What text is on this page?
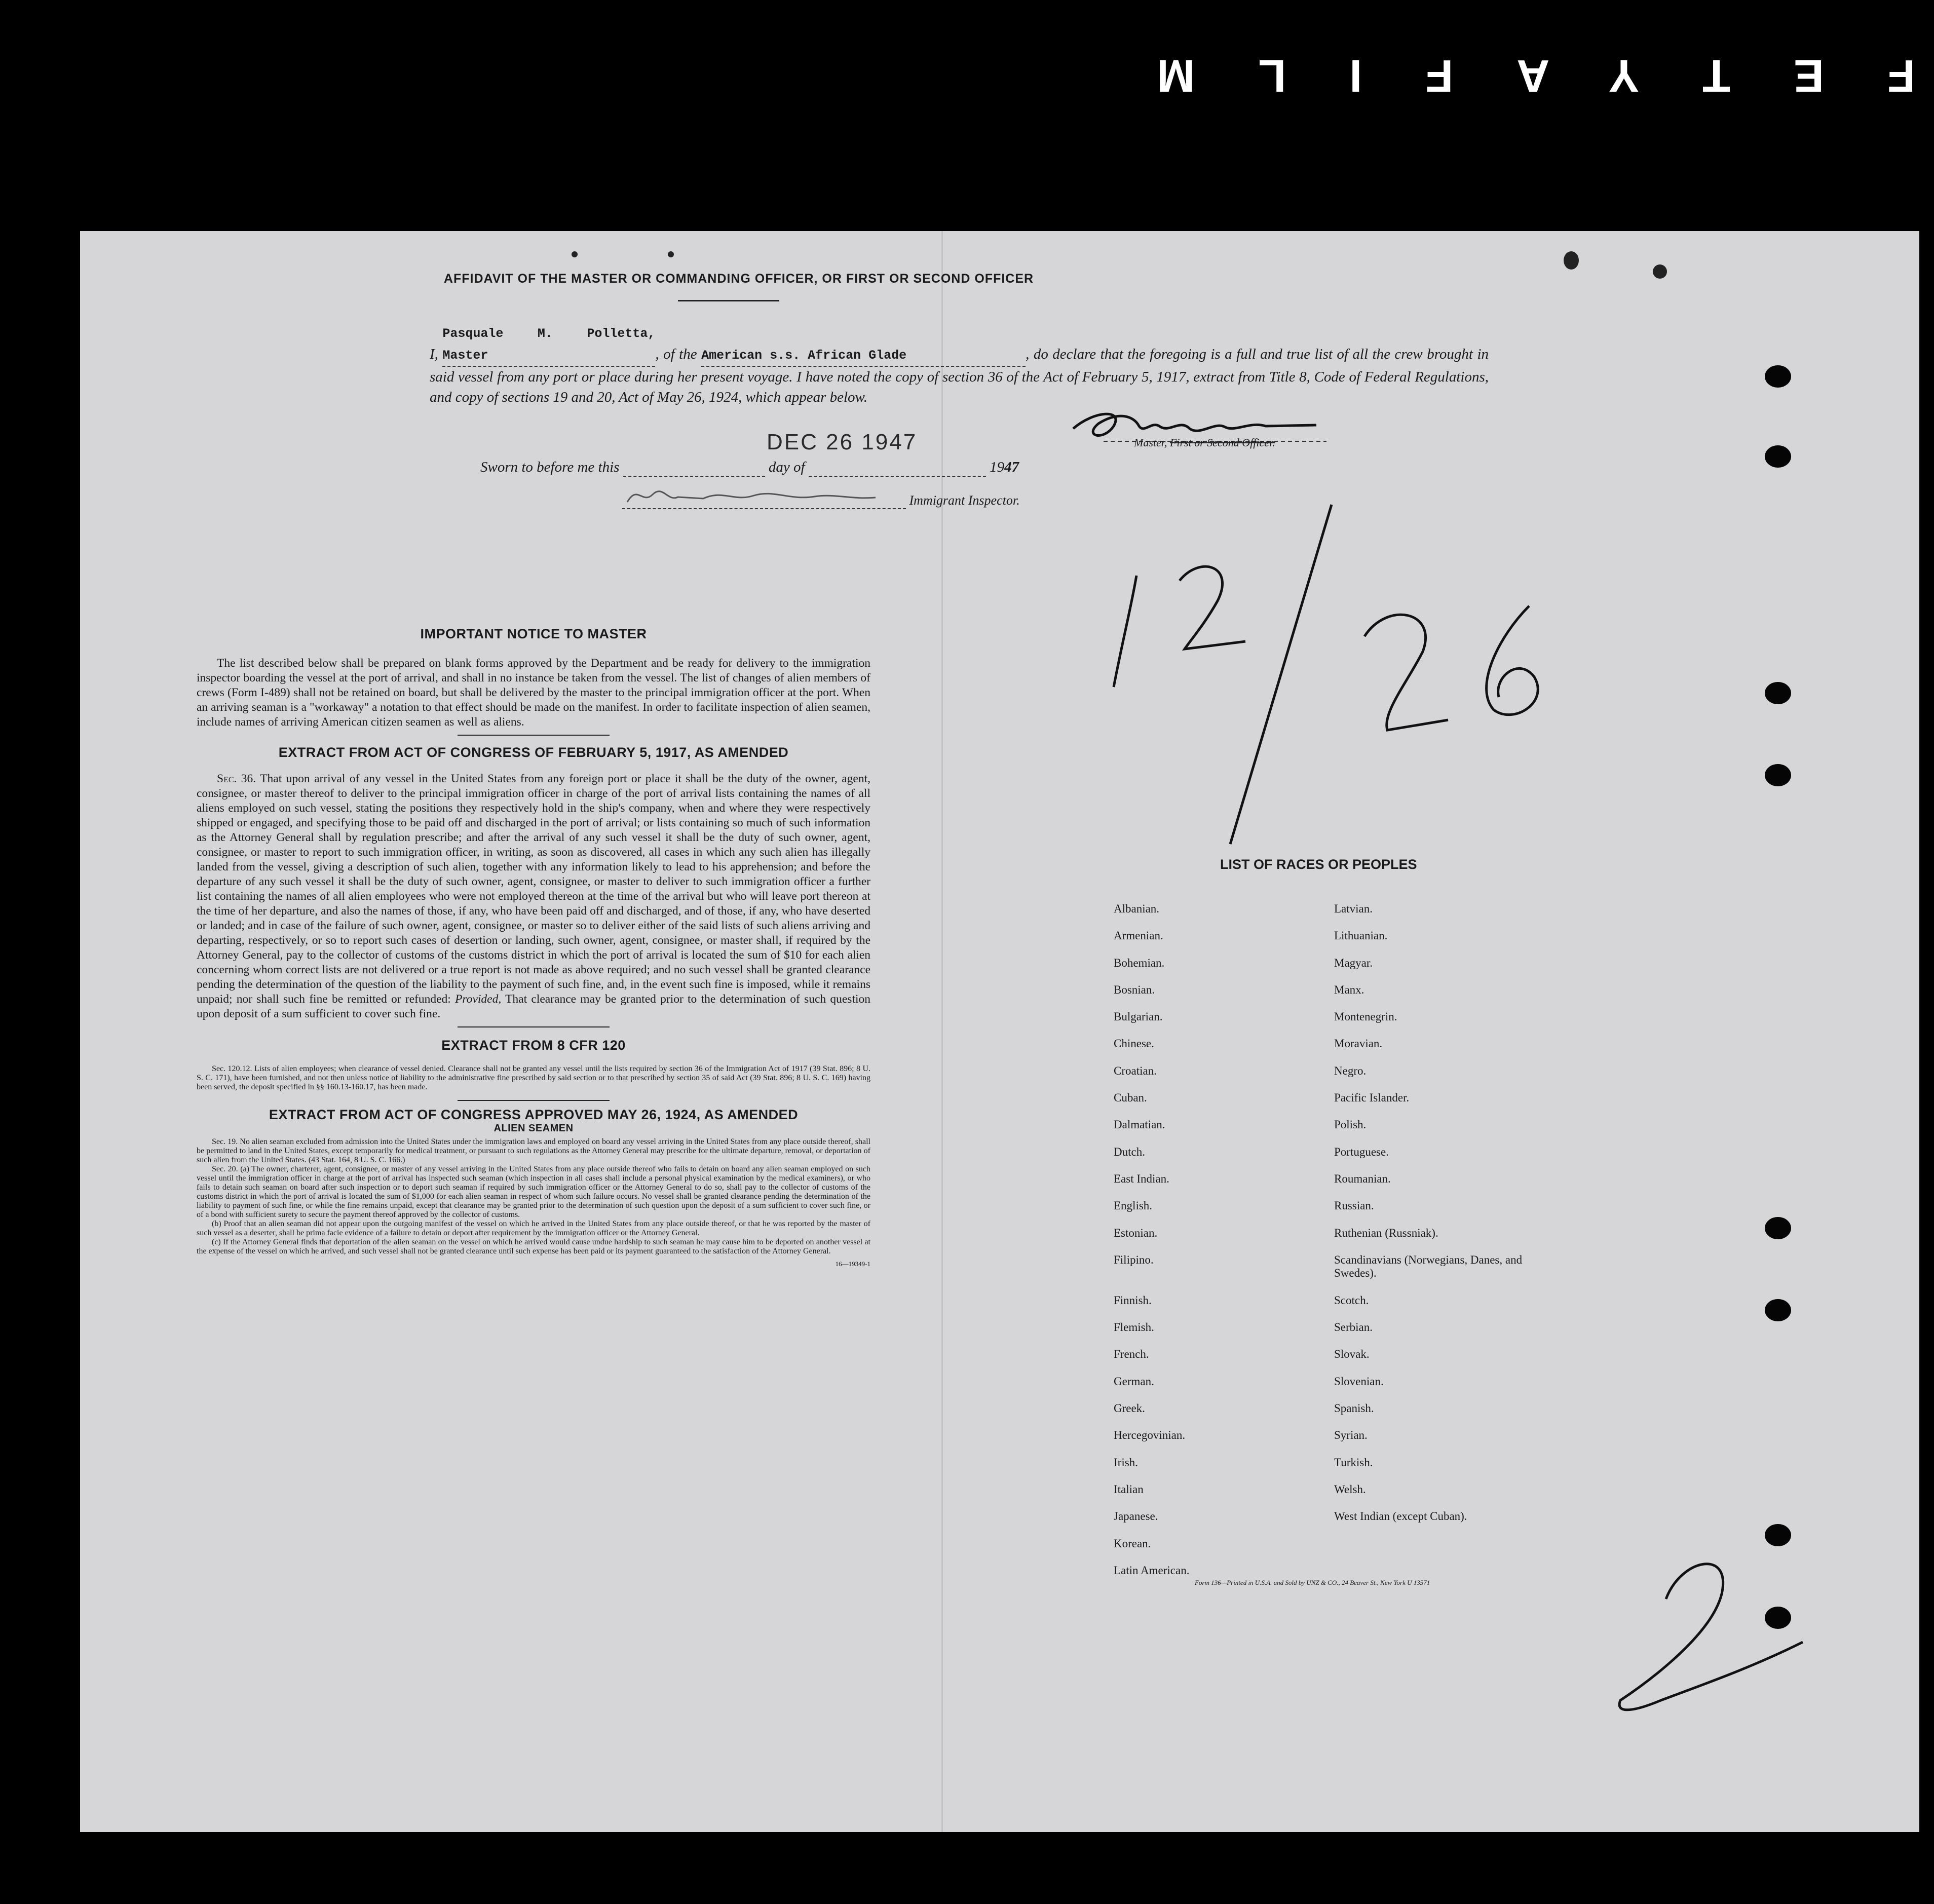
FETYAFILM
AFFIDAVIT OF THE MASTER OR COMMANDING OFFICER, OR FIRST OR SECOND OFFICER
I, Pasquale M. Polletta, Master	, of the American s.s. African Glade	, do declare that the foregoing is a full and true list of all the crew brought in said vessel from any port or place during her present voyage. I have noted the copy of section 36 of the Act of February 5, 1917, extract from Title 8, Code of Federal Regulations, and copy of sections 19 and 20, Act of May 26, 1924, which appear below.
Master, First or Second Officer.
DEC 26 1947
Sworn to before me this	day of	1947
Immigrant Inspector.
IMPORTANT NOTICE TO MASTER
The list described below shall be prepared on blank forms approved by the Department and be ready for delivery to the immigration inspector boarding the vessel at the port of arrival, and shall in no instance be taken from the vessel. The list of changes of alien members of crews (Form I-489) shall not be retained on board, but shall be delivered by the master to the principal immigration officer at the port. When an arriving seaman is a "workaway" a notation to that effect should be made on the manifest. In order to facilitate inspection of alien seamen, include names of arriving American citizen seamen as well as aliens.
EXTRACT FROM ACT OF CONGRESS OF FEBRUARY 5, 1917, AS AMENDED
Sec. 36. That upon arrival of any vessel in the United States from any foreign port or place it shall be the duty of the owner, agent, consignee, or master thereof to deliver to the principal immigration officer in charge of the port of arrival lists containing the names of all aliens employed on such vessel, stating the positions they respectively hold in the ship's company, when and where they were respectively shipped or engaged, and specifying those to be paid off and discharged in the port of arrival; or lists containing so much of such information as the Attorney General shall by regulation prescribe; and after the arrival of any such vessel it shall be the duty of such owner, agent, consignee, or master to report to such immigration officer, in writing, as soon as discovered, all cases in which any such alien has illegally landed from the vessel, giving a description of such alien, together with any information likely to lead to his apprehension; and before the departure of any such vessel it shall be the duty of such owner, agent, consignee, or master to deliver to such immigration officer a further list containing the names of all alien employees who were not employed thereon at the time of the arrival but who will leave port thereon at the time of her departure, and also the names of those, if any, who have been paid off and discharged, and of those, if any, who have deserted or landed; and in case of the failure of such owner, agent, consignee, or master so to deliver either of the said lists of such aliens arriving and departing, respectively, or so to report such cases of desertion or landing, such owner, agent, consignee, or master shall, if required by the Attorney General, pay to the collector of customs of the customs district in which the port of arrival is located the sum of $10 for each alien concerning whom correct lists are not delivered or a true report is not made as above required; and no such vessel shall be granted clearance pending the determination of the question of the liability to the payment of such fine, and, in the event such fine is imposed, while it remains unpaid; nor shall such fine be remitted or refunded: Provided, That clearance may be granted prior to the determination of such question upon deposit of a sum sufficient to cover such fine.
EXTRACT FROM 8 CFR 120
Sec. 120.12. Lists of alien employees; when clearance of vessel denied. Clearance shall not be granted any vessel until the lists required by section 36 of the Immigration Act of 1917 (39 Stat. 896; 8 U. S. C. 171), have been furnished, and not then unless notice of liability to the administrative fine prescribed by said section or to that prescribed by section 35 of said Act (39 Stat. 896; 8 U. S. C. 169) having been served, the deposit specified in §§ 160.13-160.17, has been made.
EXTRACT FROM ACT OF CONGRESS APPROVED MAY 26, 1924, AS AMENDED
ALIEN SEAMEN
Sec. 19. No alien seaman excluded from admission into the United States under the immigration laws and employed on board any vessel arriving in the United States from any place outside thereof, shall be permitted to land in the United States, except temporarily for medical treatment, or pursuant to such regulations as the Attorney General may prescribe for the ultimate departure, removal, or deportation of such alien from the United States. (43 Stat. 164, 8 U. S. C. 166.)
Sec. 20. (a) The owner, charterer, agent, consignee, or master of any vessel arriving in the United States from any place outside thereof who fails to detain on board any alien seaman employed on such vessel until the immigration officer in charge at the port of arrival has inspected such seaman (which inspection in all cases shall include a personal physical examination by the medical examiners), or who fails to detain such seaman on board after such inspection or to deport such seaman if required by such immigration officer or the Attorney General to do so, shall pay to the collector of customs of the customs district in which the port of arrival is located the sum of $1,000 for each alien seaman in respect of whom such failure occurs. No vessel shall be granted clearance pending the determination of the liability to payment of such fine, or while the fine remains unpaid, except that clearance may be granted prior to the determination of such question upon the deposit of a sum sufficient to cover such fine, or of a bond with sufficient surety to secure the payment thereof approved by the collector of customs.
(b) Proof that an alien seaman did not appear upon the outgoing manifest of the vessel on which he arrived in the United States from any place outside thereof, or that he was reported by the master of such vessel as a deserter, shall be prima facie evidence of a failure to detain or deport after requirement by the immigration officer or the Attorney General.
(c) If the Attorney General finds that deportation of the alien seaman on the vessel on which he arrived would cause undue hardship to such seaman he may cause him to be deported on another vessel at the expense of the vessel on which he arrived, and such vessel shall not be granted clearance until such expense has been paid or its payment guaranteed to the satisfaction of the Attorney General.
16—19349-1
LIST OF RACES OR PEOPLES
Albanian.	Latvian.
Armenian.	Lithuanian.
Bohemian.	Magyar.
Bosnian.	Manx.
Bulgarian.	Montenegrin.
Chinese.	Moravian.
Croatian.	Negro.
Cuban.	Pacific Islander.
Dalmatian.	Polish.
Dutch.	Portuguese.
East Indian.	Roumanian.
English.	Russian.
Estonian.	Ruthenian (Russniak).
Filipino.	Scandinavians (Norwegians, Danes, and Swedes).
Finnish.	Scotch.
Flemish.	Serbian.
French.	Slovak.
German.	Slovenian.
Greek.	Spanish.
Hercegovinian.	Syrian.
Irish.	Turkish.
Italian	Welsh.
Japanese.	West Indian (except Cuban).
Korean.
Latin American.
Form 136—Printed in U.S.A. and Sold by UNZ & CO., 24 Beaver St., New York U 13571
